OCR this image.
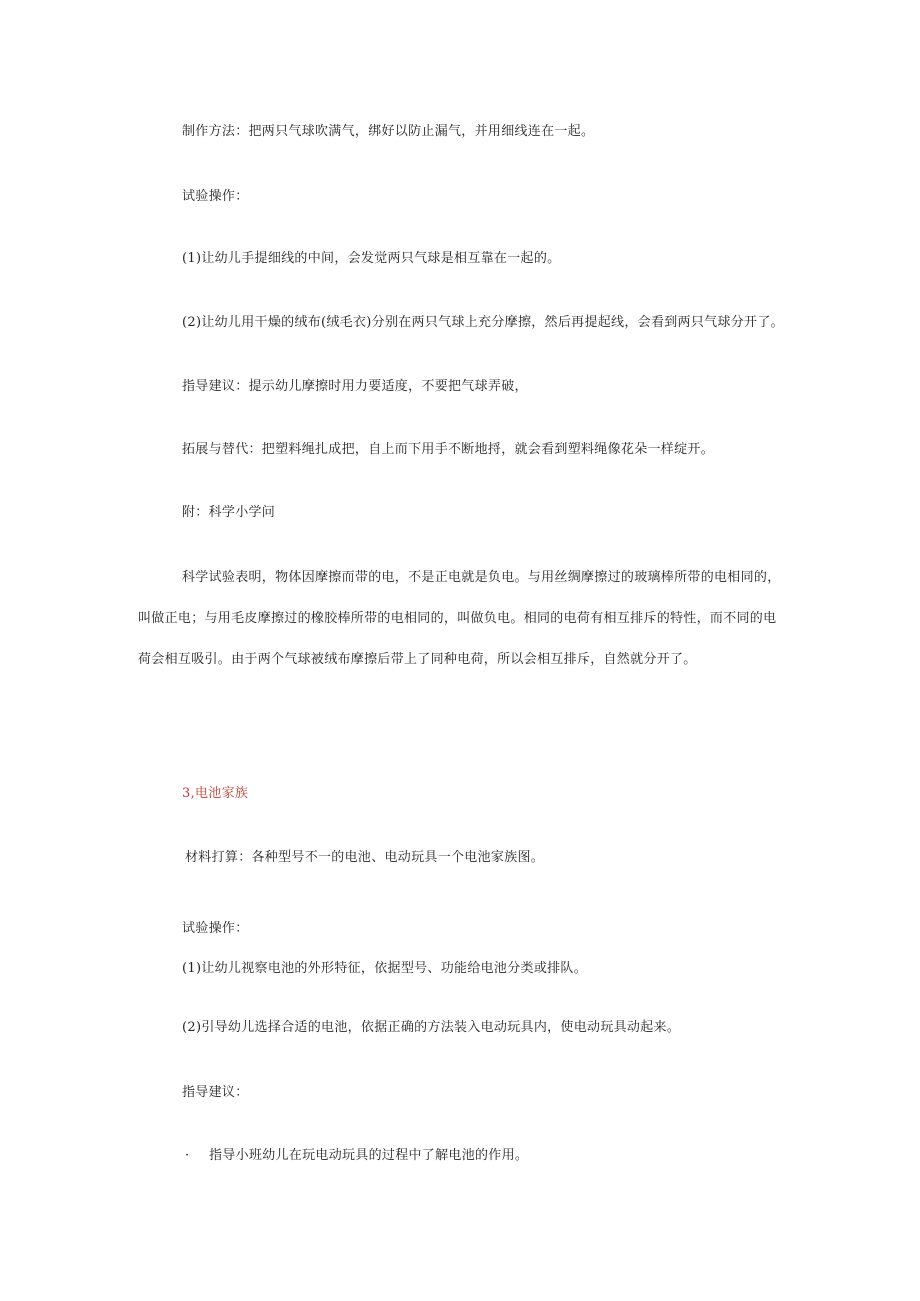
制作方法：把两只气球吹满气，绑好以防止漏气，并用细线连在一起。
试验操作：
(1)让幼儿手提细线的中间，会发觉两只气球是相互靠在一起的。
(2)让幼儿用干燥的绒布(绒毛衣)分别在两只气球上充分摩擦，然后再提起线，会看到两只气球分开了。
指导建议：提示幼儿摩擦时用力要适度，不要把气球弄破，
拓展与替代：把塑料绳扎成把，自上而下用手不断地捋，就会看到塑料绳像花朵一样绽开。
附：科学小学问
科学试验表明，物体因摩擦而带的电，不是正电就是负电。与用丝绸摩擦过的玻璃棒所带的电相同的，叫做正电；与用毛皮摩擦过的橡胶棒所带的电相同的，叫做负电。相同的电荷有相互排斥的特性，而不同的电荷会相互吸引。由于两个气球被绒布摩擦后带上了同种电荷，所以会相互排斥，自然就分开了。
3,电池家族
材料打算：各种型号不一的电池、电动玩具一个电池家族图。
试验操作：
(1)让幼儿视察电池的外形特征，依据型号、功能给电池分类或排队。
(2)引导幼儿选择合适的电池，依据正确的方法装入电动玩具内，使电动玩具动起来。
指导建议：
· 指导小班幼儿在玩电动玩具的过程中了解电池的作用。
